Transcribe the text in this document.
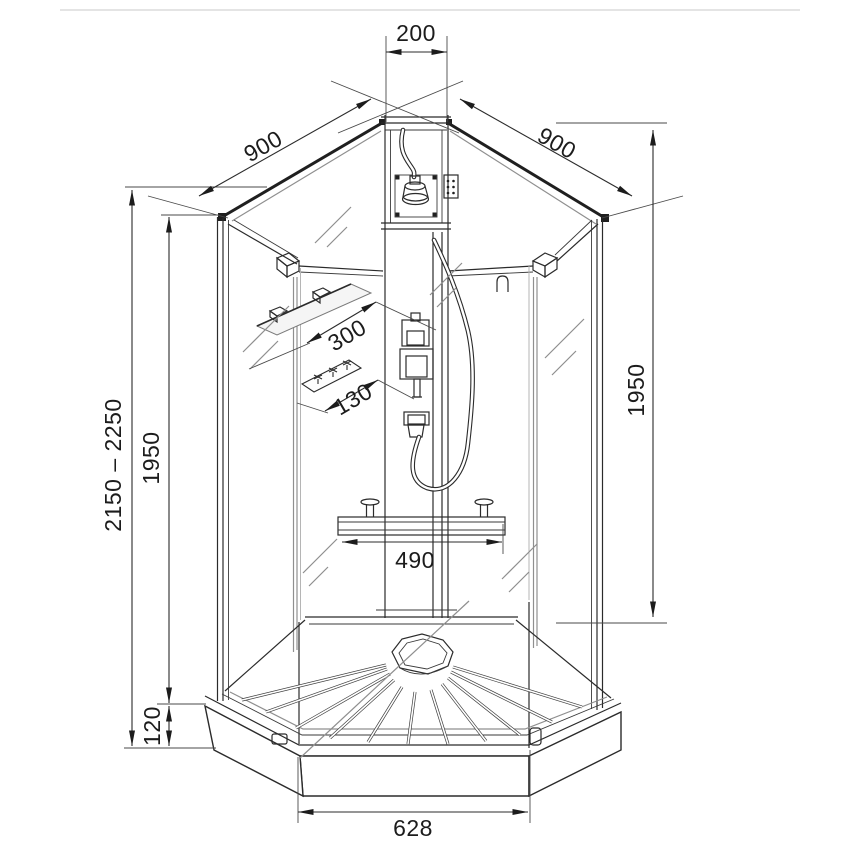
200
900	900
2150 – 2250 1950
1950
300
130
490
120
628
